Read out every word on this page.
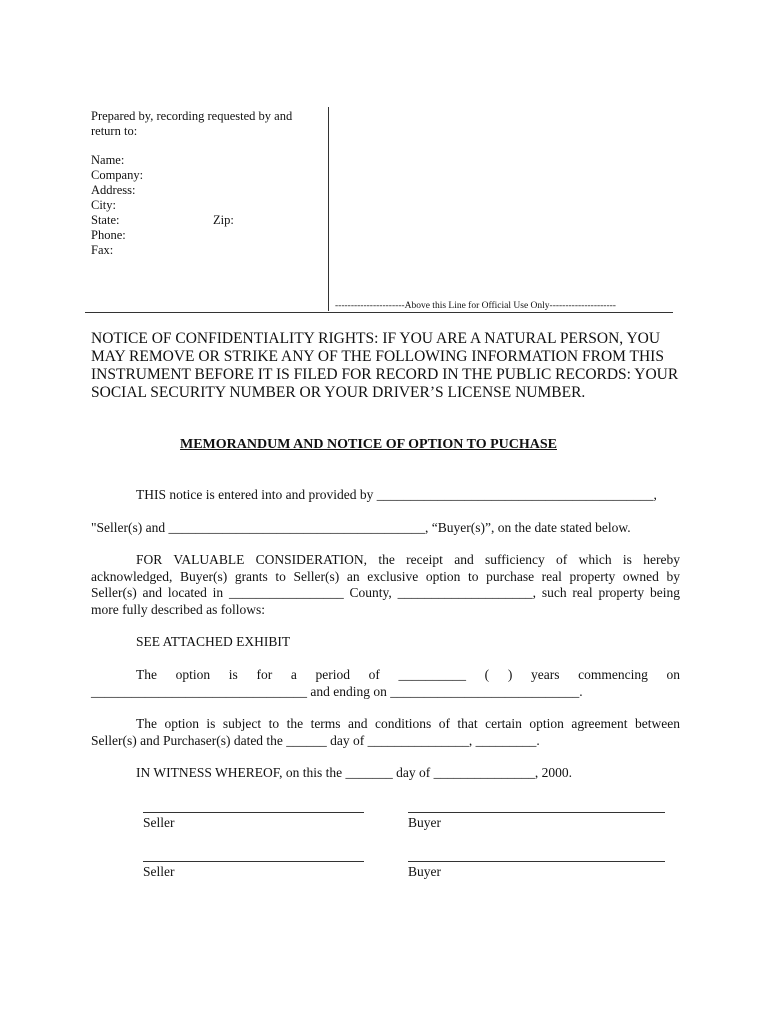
Prepared by, recording requested by and
return to:
Name:
Company:
Address:
City:
State:	Zip:
Phone:
Fax:
----------------------Above this Line for Official Use Only---------------------
NOTICE OF CONFIDENTIALITY RIGHTS: IF YOU ARE A NATURAL PERSON, YOU
MAY REMOVE OR STRIKE ANY OF THE FOLLOWING INFORMATION FROM THIS
INSTRUMENT BEFORE IT IS FILED FOR RECORD IN THE PUBLIC RECORDS: YOUR
SOCIAL SECURITY NUMBER OR YOUR DRIVER’S LICENSE NUMBER.
MEMORANDUM AND NOTICE OF OPTION TO PUCHASE
THIS notice is entered into and provided by _________________________________________,
"Seller(s) and ______________________________________, “Buyer(s)”, on the date stated below.
FOR VALUABLE CONSIDERATION, the receipt and sufficiency of which is hereby
acknowledged, Buyer(s) grants to Seller(s) an exclusive option to purchase real property owned by
Seller(s) and located in _________________ County, ____________________, such real property being
more fully described as follows:
SEE ATTACHED EXHIBIT
The option is for a period of __________ ( ) years commencing on
________________________________ and ending on ____________________________.
The option is subject to the terms and conditions of that certain option agreement between
Seller(s) and Purchaser(s) dated the ______ day of _______________, _________.
IN WITNESS WHEREOF, on this the _______ day of _______________, 2000.
Seller	Buyer
Seller	Buyer
